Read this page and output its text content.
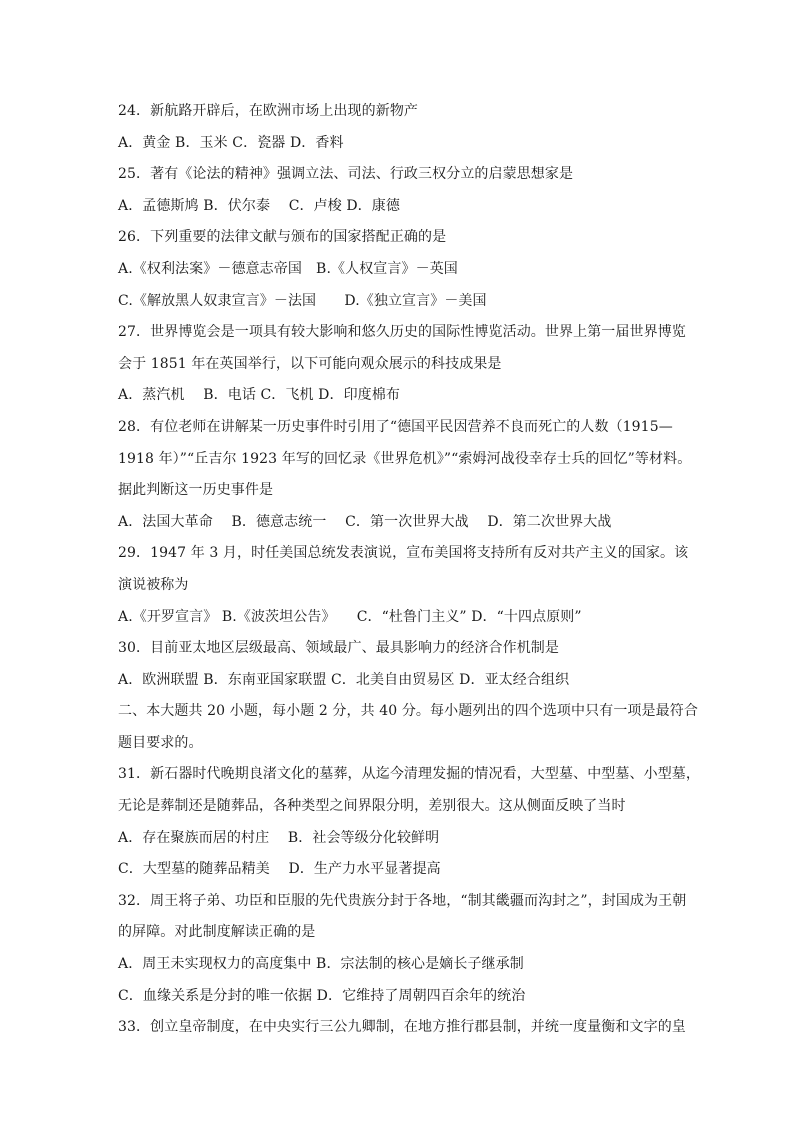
24．新航路开辟后，在欧洲市场上出现的新物产
A．黄金 B．玉米 C．瓷器 D．香料
25．著有《论法的精神》强调立法、司法、行政三权分立的启蒙思想家是
A．孟德斯鸠 B．伏尔泰　 C．卢梭 D．康德
26．下列重要的法律文献与颁布的国家搭配正确的是
A.《权利法案》－德意志帝国　B.《人权宣言》－英国
C.《解放黑人奴隶宣言》－法国　　D.《独立宣言》－美国
27．世界博览会是一项具有较大影响和悠久历史的国际性博览活动。世界上第一届世界博览
会于 1851 年在英国举行，以下可能向观众展示的科技成果是
A．蒸汽机　 B．电话 C．飞机 D．印度棉布
28．有位老师在讲解某一历史事件时引用了“德国平民因营养不良而死亡的人数（1915—
1918 年）”“丘吉尔 1923 年写的回忆录《世界危机》”“索姆河战役幸存士兵的回忆”等材料。
据此判断这一历史事件是
A．法国大革命　 B．德意志统一　 C．第一次世界大战　 D．第二次世界大战
29．1947 年 3 月，时任美国总统发表演说，宣布美国将支持所有反对共产主义的国家。该
演说被称为
A.《开罗宣言》 B.《波茨坦公告》　　C．“杜鲁门主义” D．“十四点原则”
30．目前亚太地区层级最高、领域最广、最具影响力的经济合作机制是
A．欧洲联盟 B．东南亚国家联盟 C．北美自由贸易区 D．亚太经合组织
二、本大题共 20 小题，每小题 2 分，共 40 分。每小题列出的四个选项中只有一项是最符合
题目要求的。
31．新石器时代晚期良渚文化的墓葬，从迄今清理发掘的情况看，大型墓、中型墓、小型墓，
无论是葬制还是随葬品，各种类型之间界限分明，差别很大。这从侧面反映了当时
A．存在聚族而居的村庄　 B．社会等级分化较鲜明
C．大型墓的随葬品精美　 D．生产力水平显著提高
32．周王将子弟、功臣和臣服的先代贵族分封于各地，“制其畿疆而沟封之”，封国成为王朝
的屏障。对此制度解读正确的是
A．周王未实现权力的高度集中 B．宗法制的核心是嫡长子继承制
C．血缘关系是分封的唯一依据 D．它维持了周朝四百余年的统治
33．创立皇帝制度，在中央实行三公九卿制，在地方推行郡县制，并统一度量衡和文字的皇
